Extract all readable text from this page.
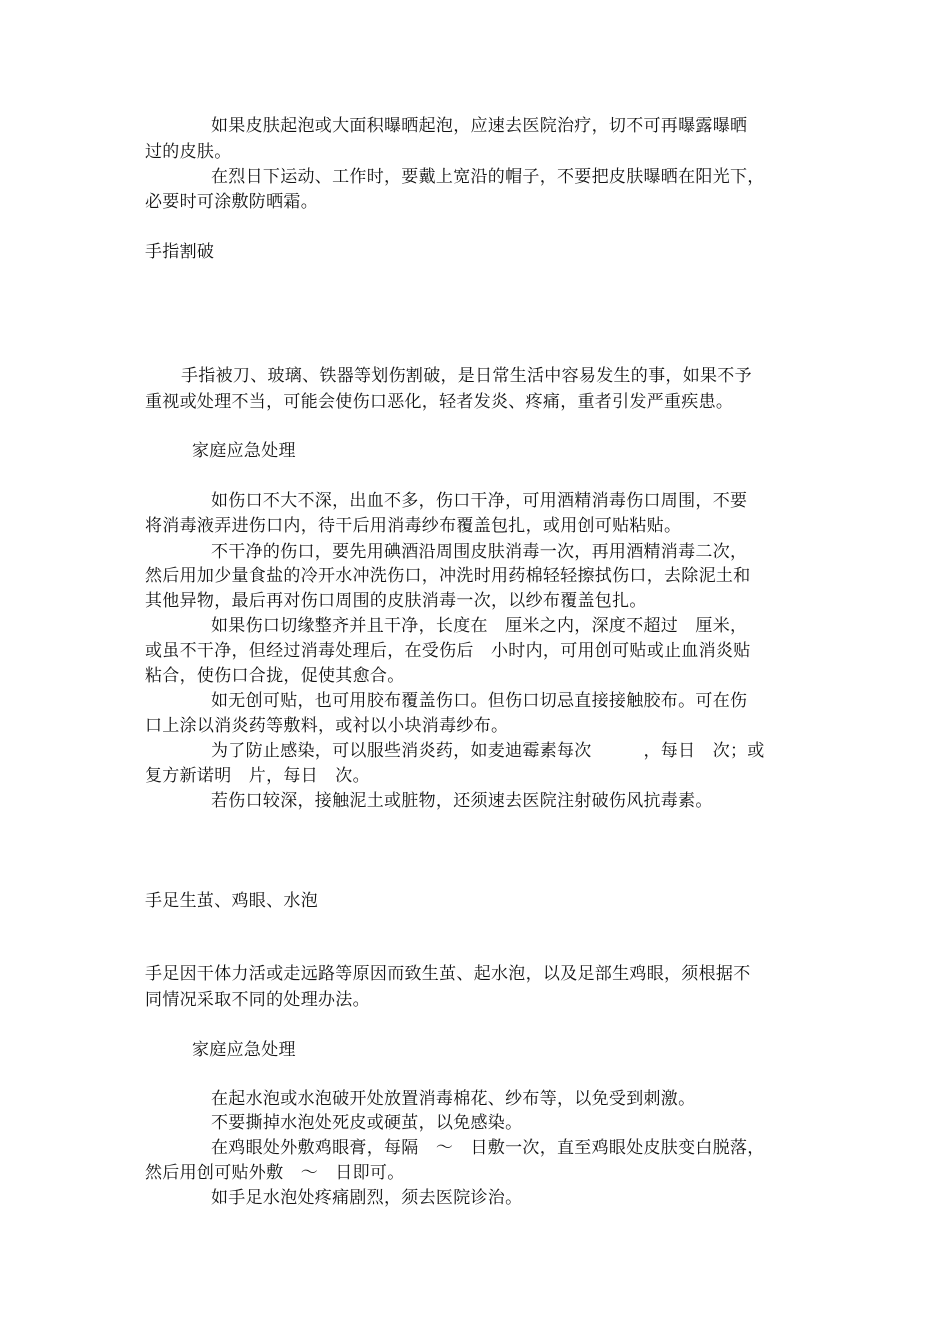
如果皮肤起泡或大面积曝晒起泡，应速去医院治疗，切不可再曝露曝晒
过的皮肤。
在烈日下运动、工作时，要戴上宽沿的帽子，不要把皮肤曝晒在阳光下，
必要时可涂敷防晒霜。
手指割破
手指被刀、玻璃、铁器等划伤割破，是日常生活中容易发生的事，如果不予
重视或处理不当，可能会使伤口恶化，轻者发炎、疼痛，重者引发严重疾患。
家庭应急处理
如伤口不大不深，出血不多，伤口干净，可用酒精消毒伤口周围，不要
将消毒液弄进伤口内，待干后用消毒纱布覆盖包扎，或用创可贴粘贴。
不干净的伤口，要先用碘酒沿周围皮肤消毒一次，再用酒精消毒二次，
然后用加少量食盐的冷开水冲洗伤口，冲洗时用药棉轻轻擦拭伤口，去除泥土和
其他异物，最后再对伤口周围的皮肤消毒一次，以纱布覆盖包扎。
如果伤口切缘整齐并且干净，长度在　厘米之内，深度不超过　厘米，
或虽不干净，但经过消毒处理后，在受伤后　小时内，可用创可贴或止血消炎贴
粘合，使伤口合拢，促使其愈合。
如无创可贴，也可用胶布覆盖伤口。但伤口切忌直接接触胶布。可在伤
口上涂以消炎药等敷料，或衬以小块消毒纱布。
为了防止感染，可以服些消炎药，如麦迪霉素每次　　　，每日　次；或
复方新诺明　片，每日　次。
若伤口较深，接触泥土或脏物，还须速去医院注射破伤风抗毒素。
手足生茧、鸡眼、水泡
手足因干体力活或走远路等原因而致生茧、起水泡，以及足部生鸡眼，须根据不
同情况采取不同的处理办法。
家庭应急处理
在起水泡或水泡破开处放置消毒棉花、纱布等，以免受到刺激。
不要撕掉水泡处死皮或硬茧，以免感染。
在鸡眼处外敷鸡眼膏，每隔　～　日敷一次，直至鸡眼处皮肤变白脱落，
然后用创可贴外敷　～　日即可。
如手足水泡处疼痛剧烈，须去医院诊治。
